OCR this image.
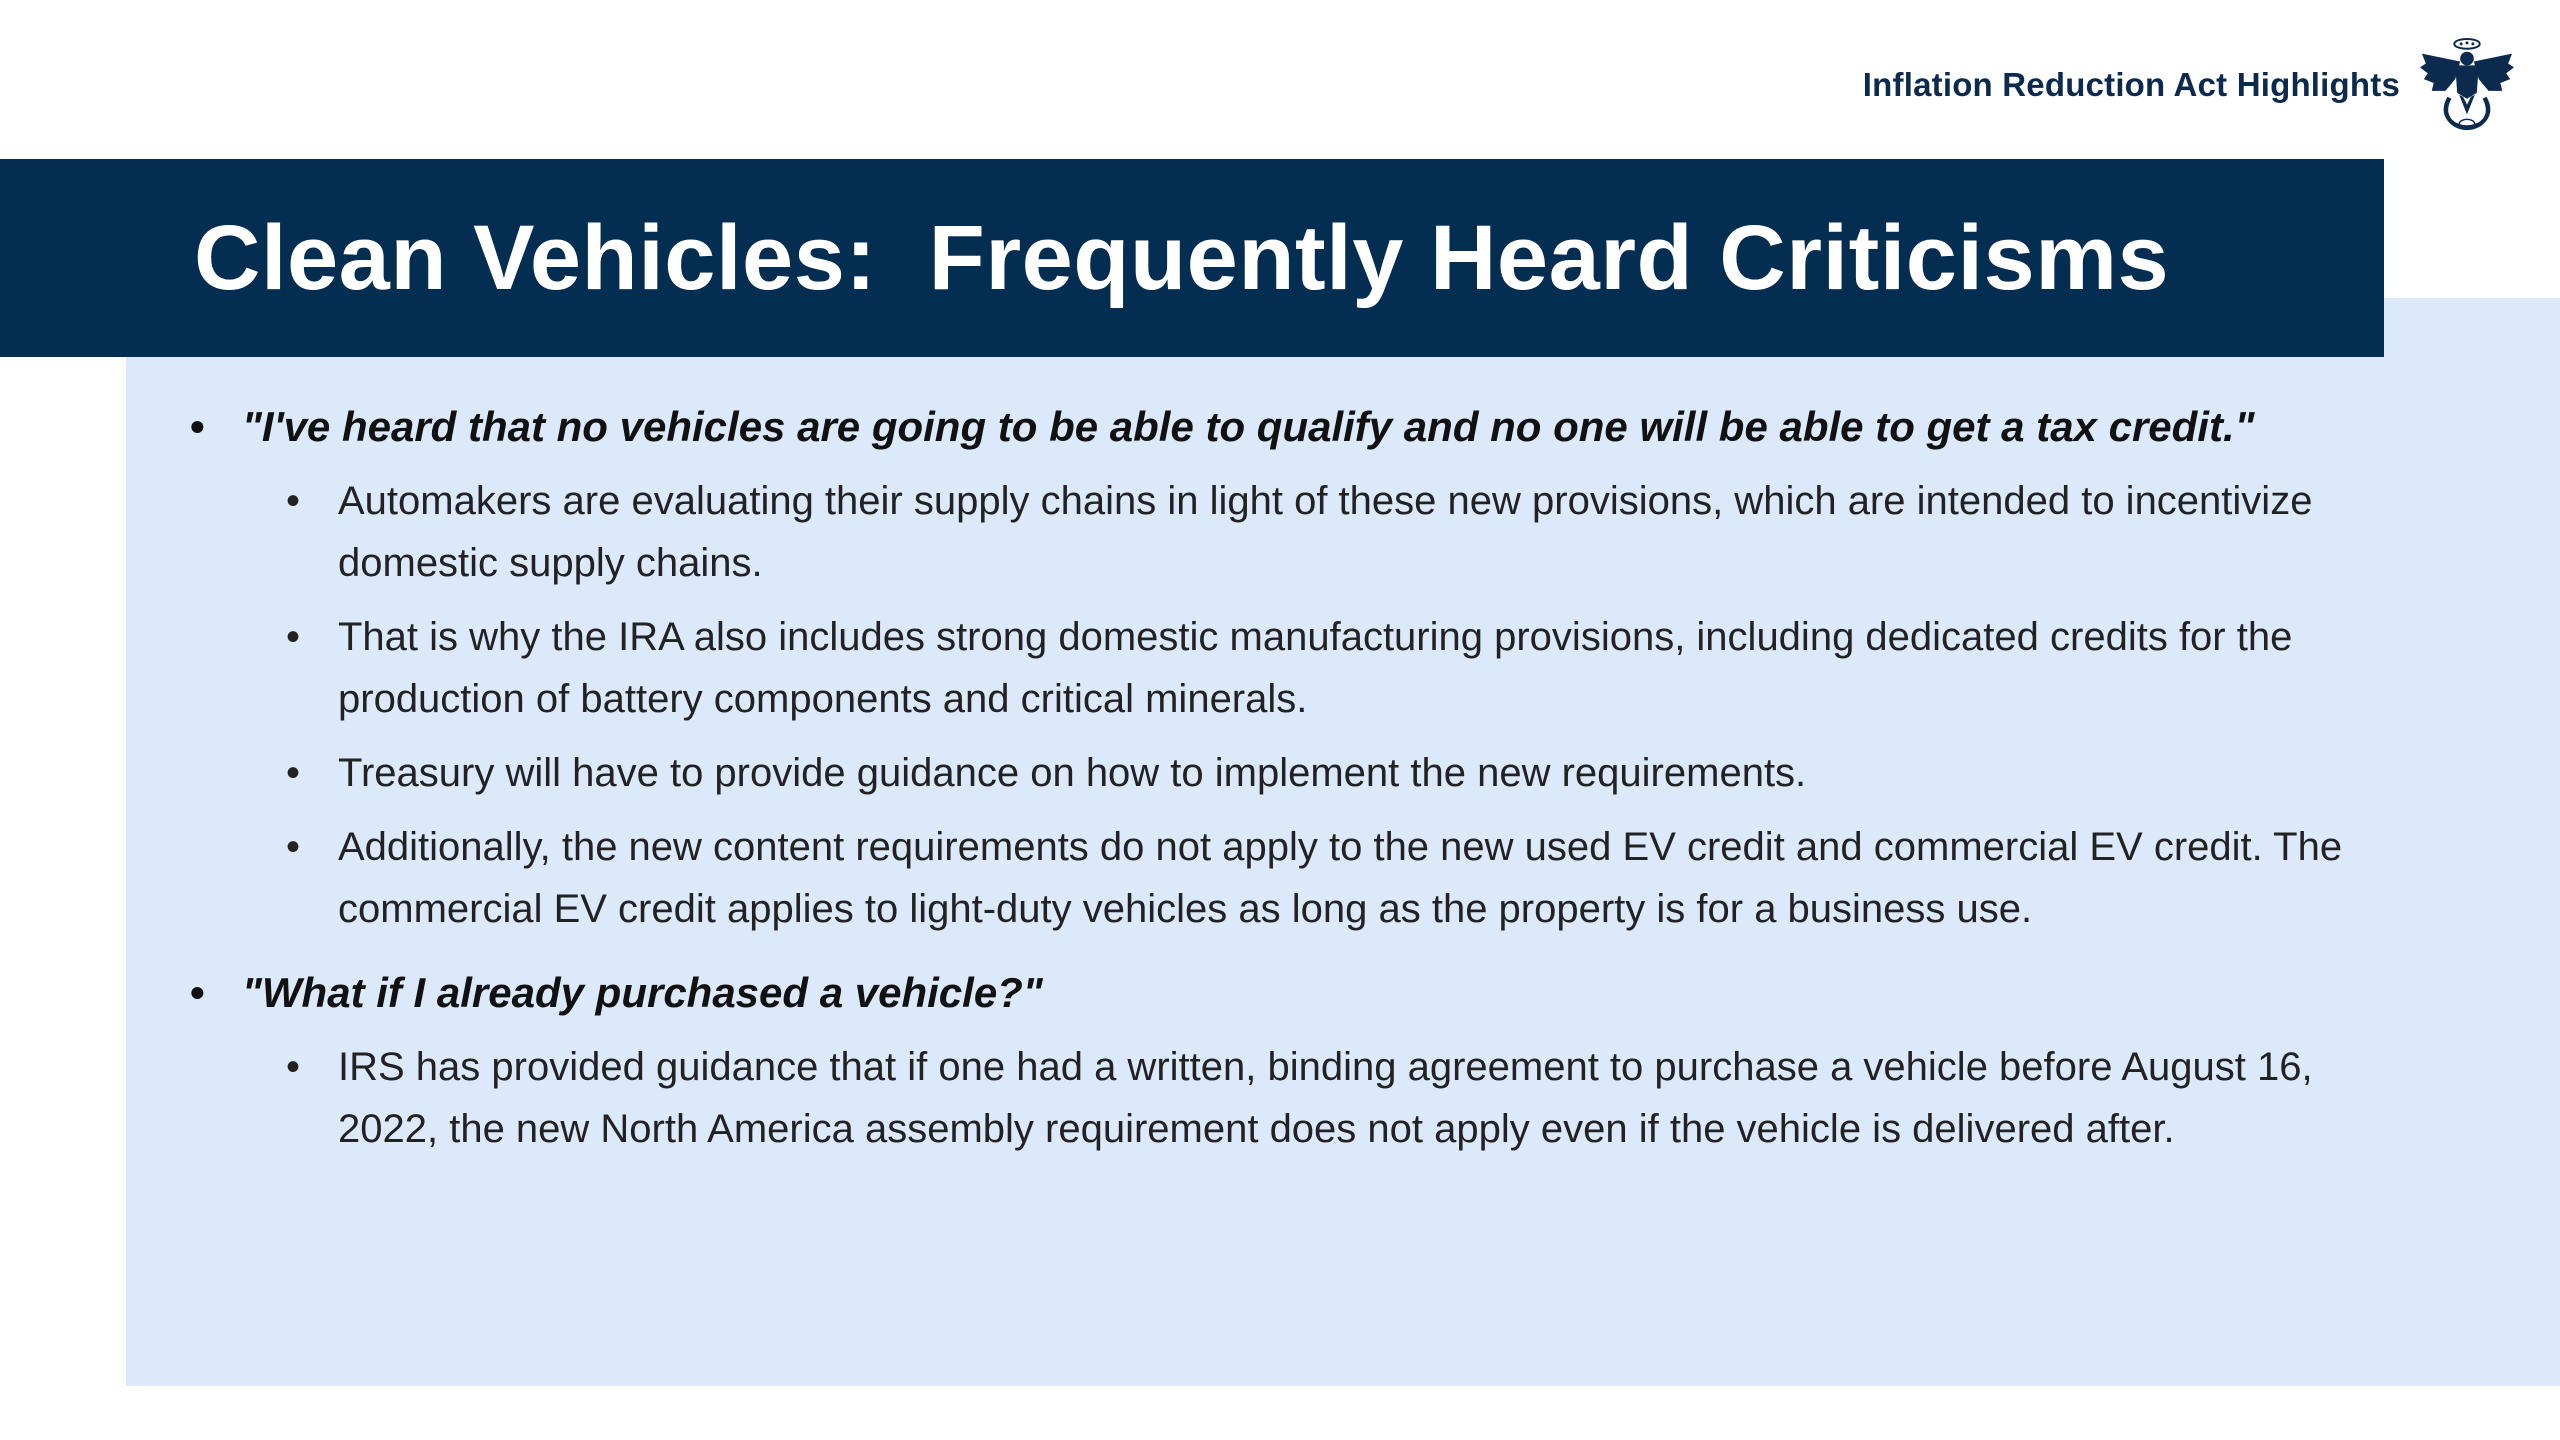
Inflation Reduction Act Highlights
Clean Vehicles:  Frequently Heard Criticisms
• "I've heard that no vehicles are going to be able to qualify and no one will be able to get a tax credit."
• Automakers are evaluating their supply chains in light of these new provisions, which are intended to incentivize domestic supply chains.
• That is why the IRA also includes strong domestic manufacturing provisions, including dedicated credits for the production of battery components and critical minerals.
• Treasury will have to provide guidance on how to implement the new requirements.
• Additionally, the new content requirements do not apply to the new used EV credit and commercial EV credit. The commercial EV credit applies to light-duty vehicles as long as the property is for a business use.
• "What if I already purchased a vehicle?"
• IRS has provided guidance that if one had a written, binding agreement to purchase a vehicle before August 16, 2022, the new North America assembly requirement does not apply even if the vehicle is delivered after.
